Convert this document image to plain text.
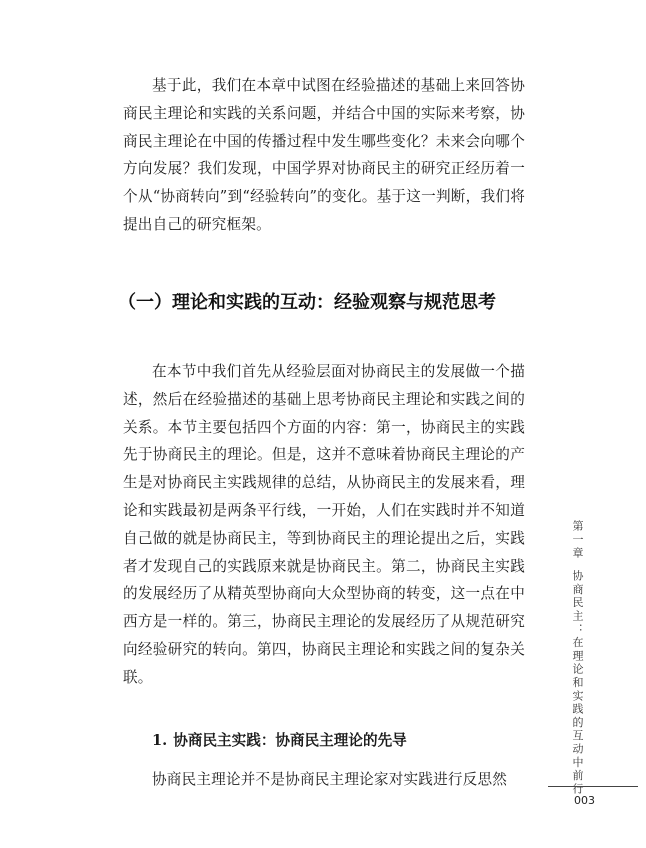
基于此，我们在本章中试图在经验描述的基础上来回答协商民主理论和实践的关系问题，并结合中国的实际来考察，协商民主理论在中国的传播过程中发生哪些变化？未来会向哪个方向发展？我们发现，中国学界对协商民主的研究正经历着一个从“协商转向”到“经验转向”的变化。基于这一判断，我们将提出自己的研究框架。

（一）理论和实践的互动：经验观察与规范思考

在本节中我们首先从经验层面对协商民主的发展做一个描述，然后在经验描述的基础上思考协商民主理论和实践之间的关系。本节主要包括四个方面的内容：第一，协商民主的实践先于协商民主的理论。但是，这并不意味着协商民主理论的产生是对协商民主实践规律的总结，从协商民主的发展来看，理论和实践最初是两条平行线，一开始，人们在实践时并不知道自己做的就是协商民主，等到协商民主的理论提出之后，实践者才发现自己的实践原来就是协商民主。第二，协商民主实践的发展经历了从精英型协商向大众型协商的转变，这一点在中西方是一样的。第三，协商民主理论的发展经历了从规范研究向经验研究的转向。第四，协商民主理论和实践之间的复杂关联。

1. 协商民主实践：协商民主理论的先导

协商民主理论并不是协商民主理论家对实践进行反思然

第一章协商民主：在理论和实践的互动中前行
003
